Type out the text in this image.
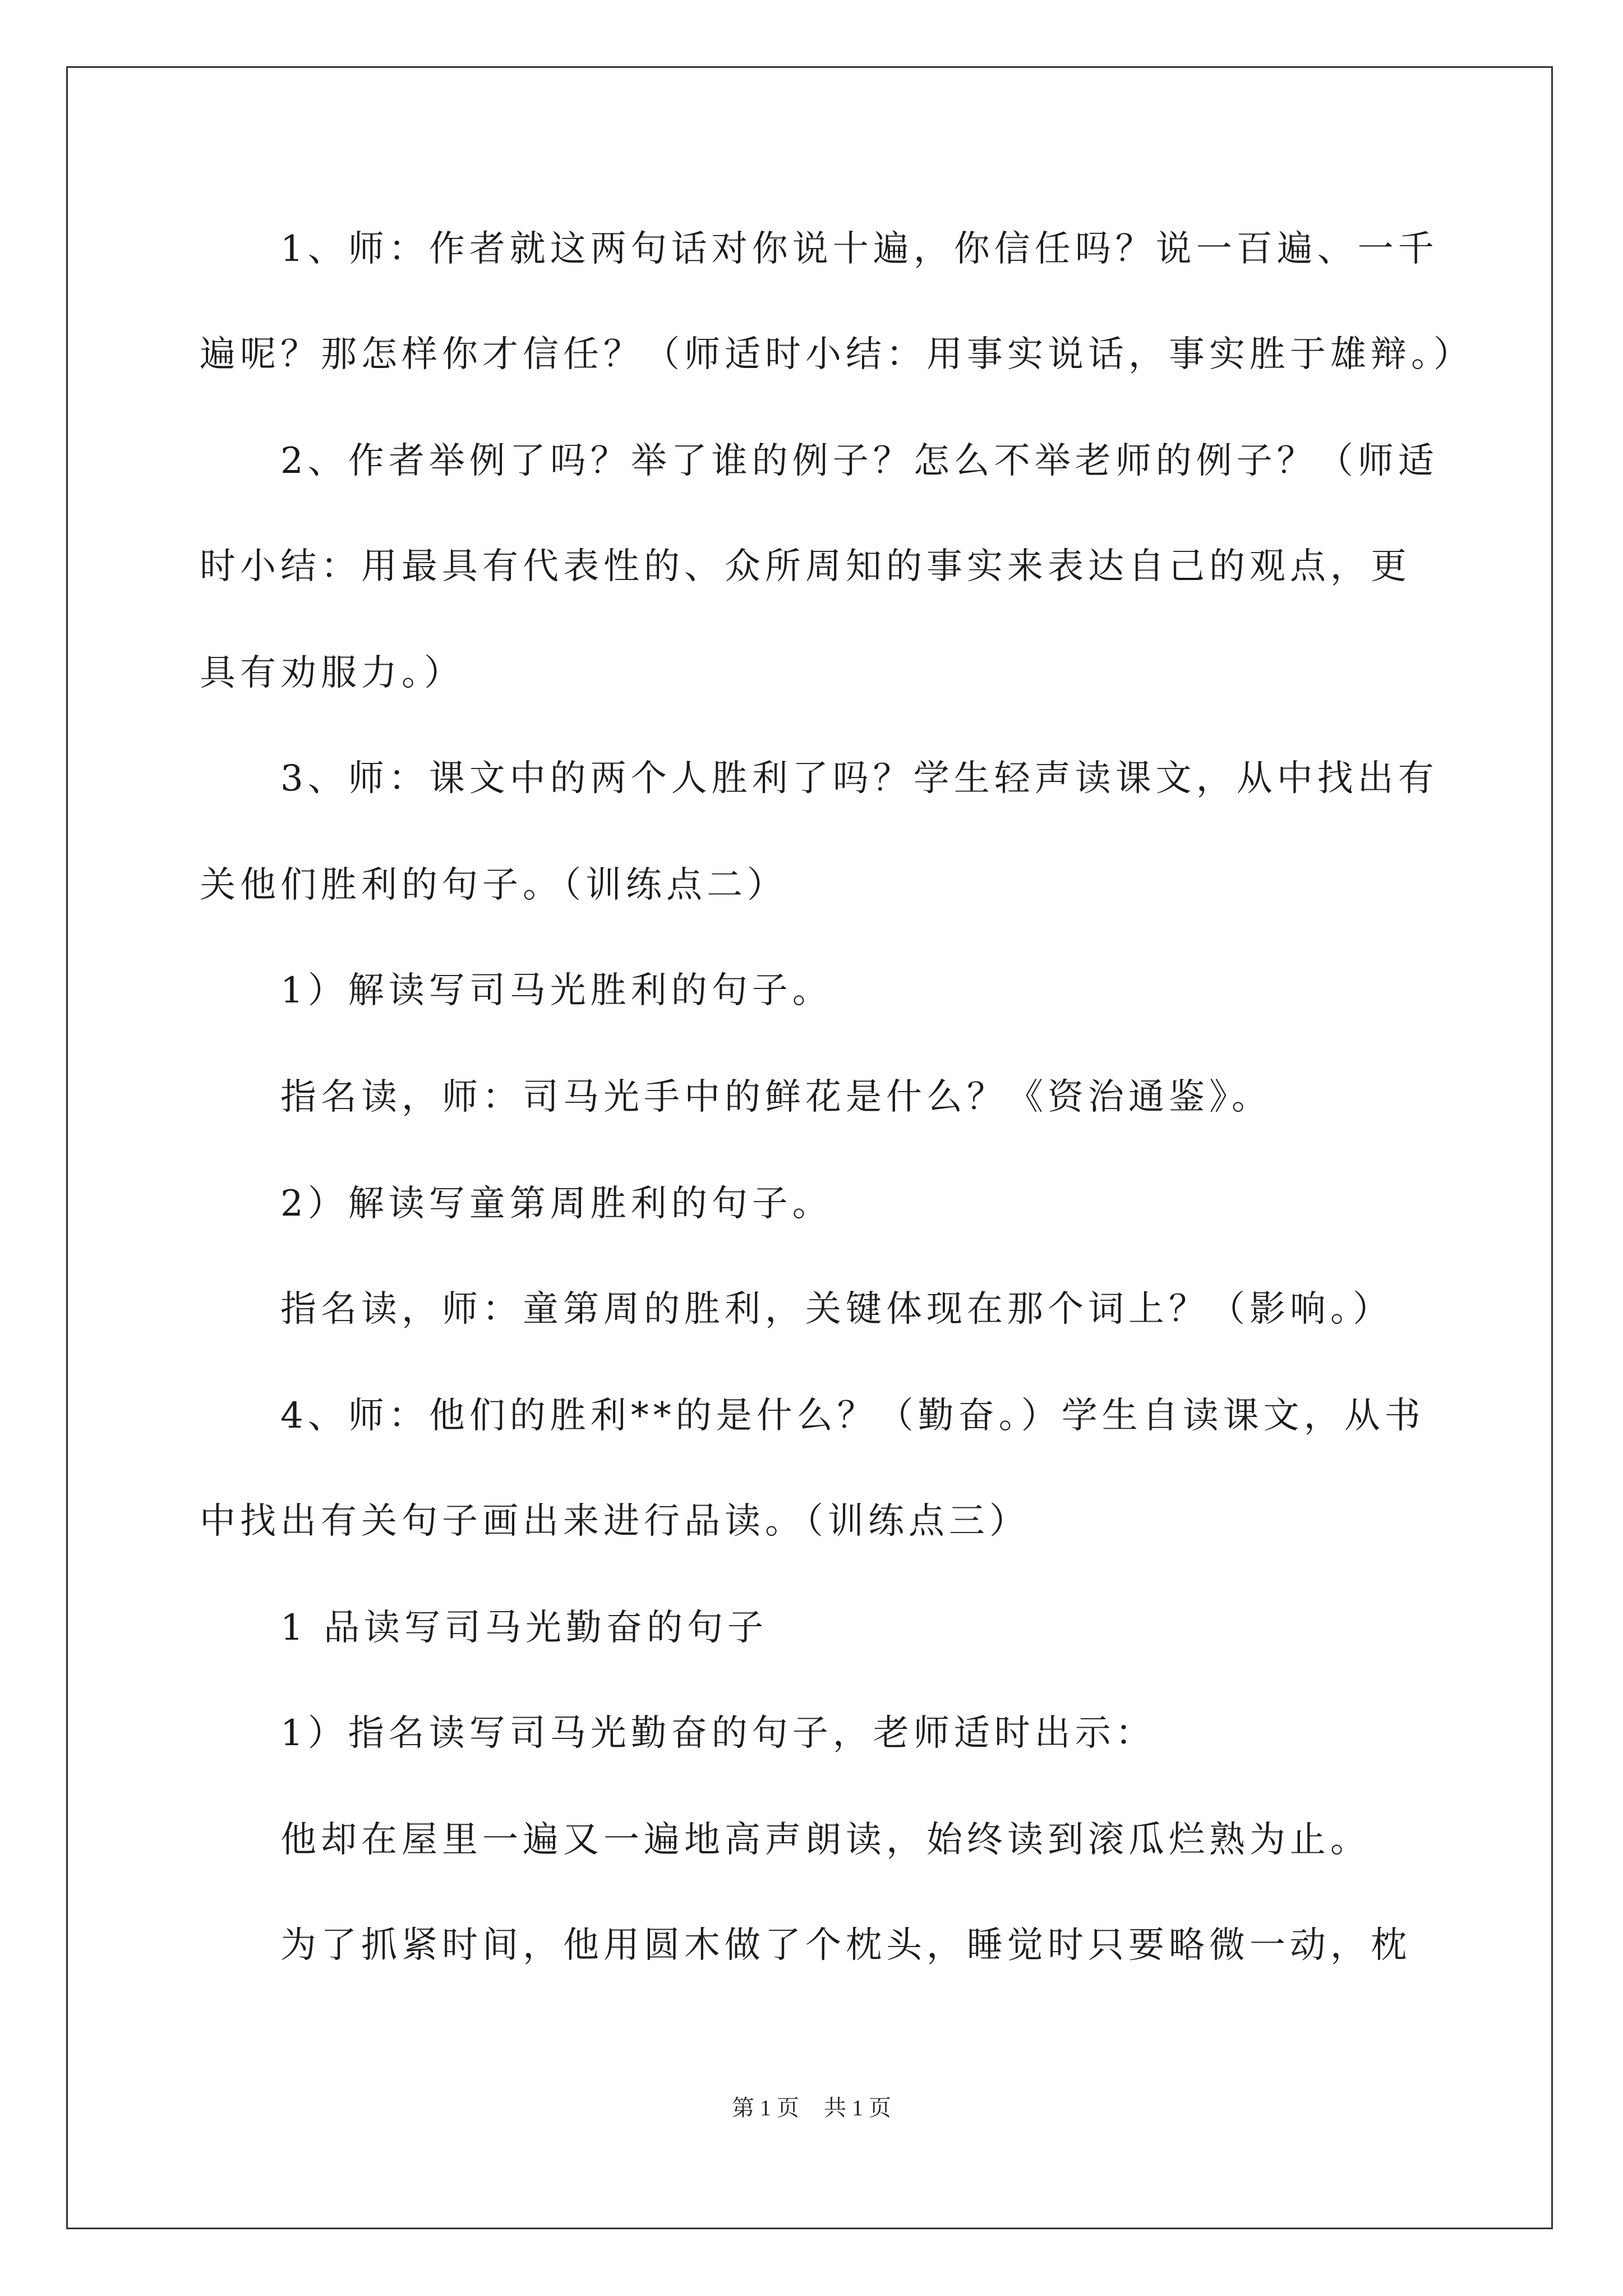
1、师：作者就这两句话对你说十遍，你信任吗？说一百遍、一千
遍呢？那怎样你才信任？（师适时小结：用事实说话，事实胜于雄辩。）
2、作者举例了吗？举了谁的例子？怎么不举老师的例子？（师适
时小结：用最具有代表性的、众所周知的事实来表达自己的观点，更
具有劝服力。）
3、师：课文中的两个人胜利了吗？学生轻声读课文，从中找出有
关他们胜利的句子。（训练点二）
1）解读写司马光胜利的句子。
指名读，师：司马光手中的鲜花是什么？《资治通鉴》。
2）解读写童第周胜利的句子。
指名读，师：童第周的胜利，关键体现在那个词上？（影响。）
4、师：他们的胜利**的是什么？（勤奋。）学生自读课文，从书
中找出有关句子画出来进行品读。（训练点三）
1 品读写司马光勤奋的句子
1）指名读写司马光勤奋的句子，老师适时出示：
他却在屋里一遍又一遍地高声朗读，始终读到滚瓜烂熟为止。
为了抓紧时间，他用圆木做了个枕头，睡觉时只要略微一动，枕
第 1 页 共 1 页
